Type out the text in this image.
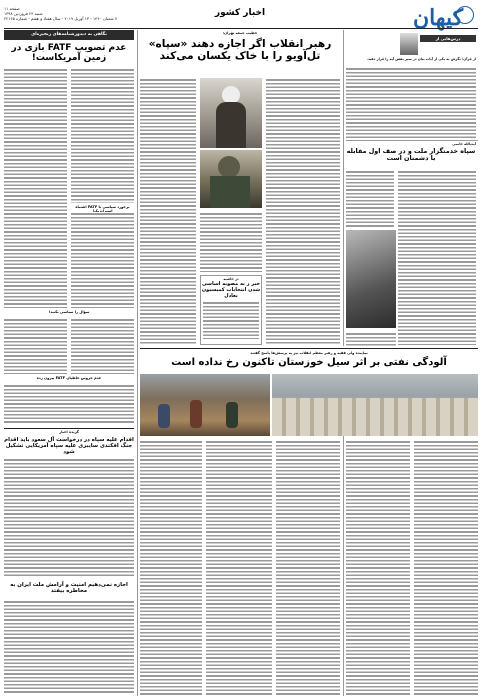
کیهان
اخبار کشور
صفحه ۱۱
شنبه ۲۴ فروردین ۱۳۹۸
۷ شعبان ۱۴۴۰ - ۱۳ آوریل ۲۰۱۹ - سال هفتاد و هفتم - شماره ۲۲۱۶۵
درس‌هایی از
از قرآن؛ نگرش به یکی از آیات بیان در سیر نقش آیه را قرار دهید.
آیت‌الله خاتمی
سپاه خدمتگزار ملت و در صف اول مقابله با دشمنان است
نگاهی به دیدورشنامه‌های زنجیره‌ای
عدم تصویب FATF بازی در زمین آمریکاست!
برخورد سیاسی با FATF اشتباه
سؤال را سیاسی نکنید!
عدم خروس خاطیان FATF بیرون زده
گزیده اخبار
اقدام علیه سپاه در درخواست آل سعود باید اقدام جنگ افکندی سایبری علیه سپاه آمریکایی تشکیل شود
اجازه نمی‌دهیم امنیت و آرامش ملت ایران به مخاطره بیفتد
خطیب جمعه تهران:
رهبر انقلاب اگر اجازه دهند «سپاه» تل‌آویو را با خاک یکسان می‌کند
در حاشیه
خبر ز به مصوبه اساسی شدن انتخابات کمیسیون تعادل
نماینده ولی فقیه و رهبر معظم انقلاب نیز به پرسش‌ها پاسخ گفتند
آلودگی نفتی بر اثر سیل خوزستان تاکنون رخ نداده است
